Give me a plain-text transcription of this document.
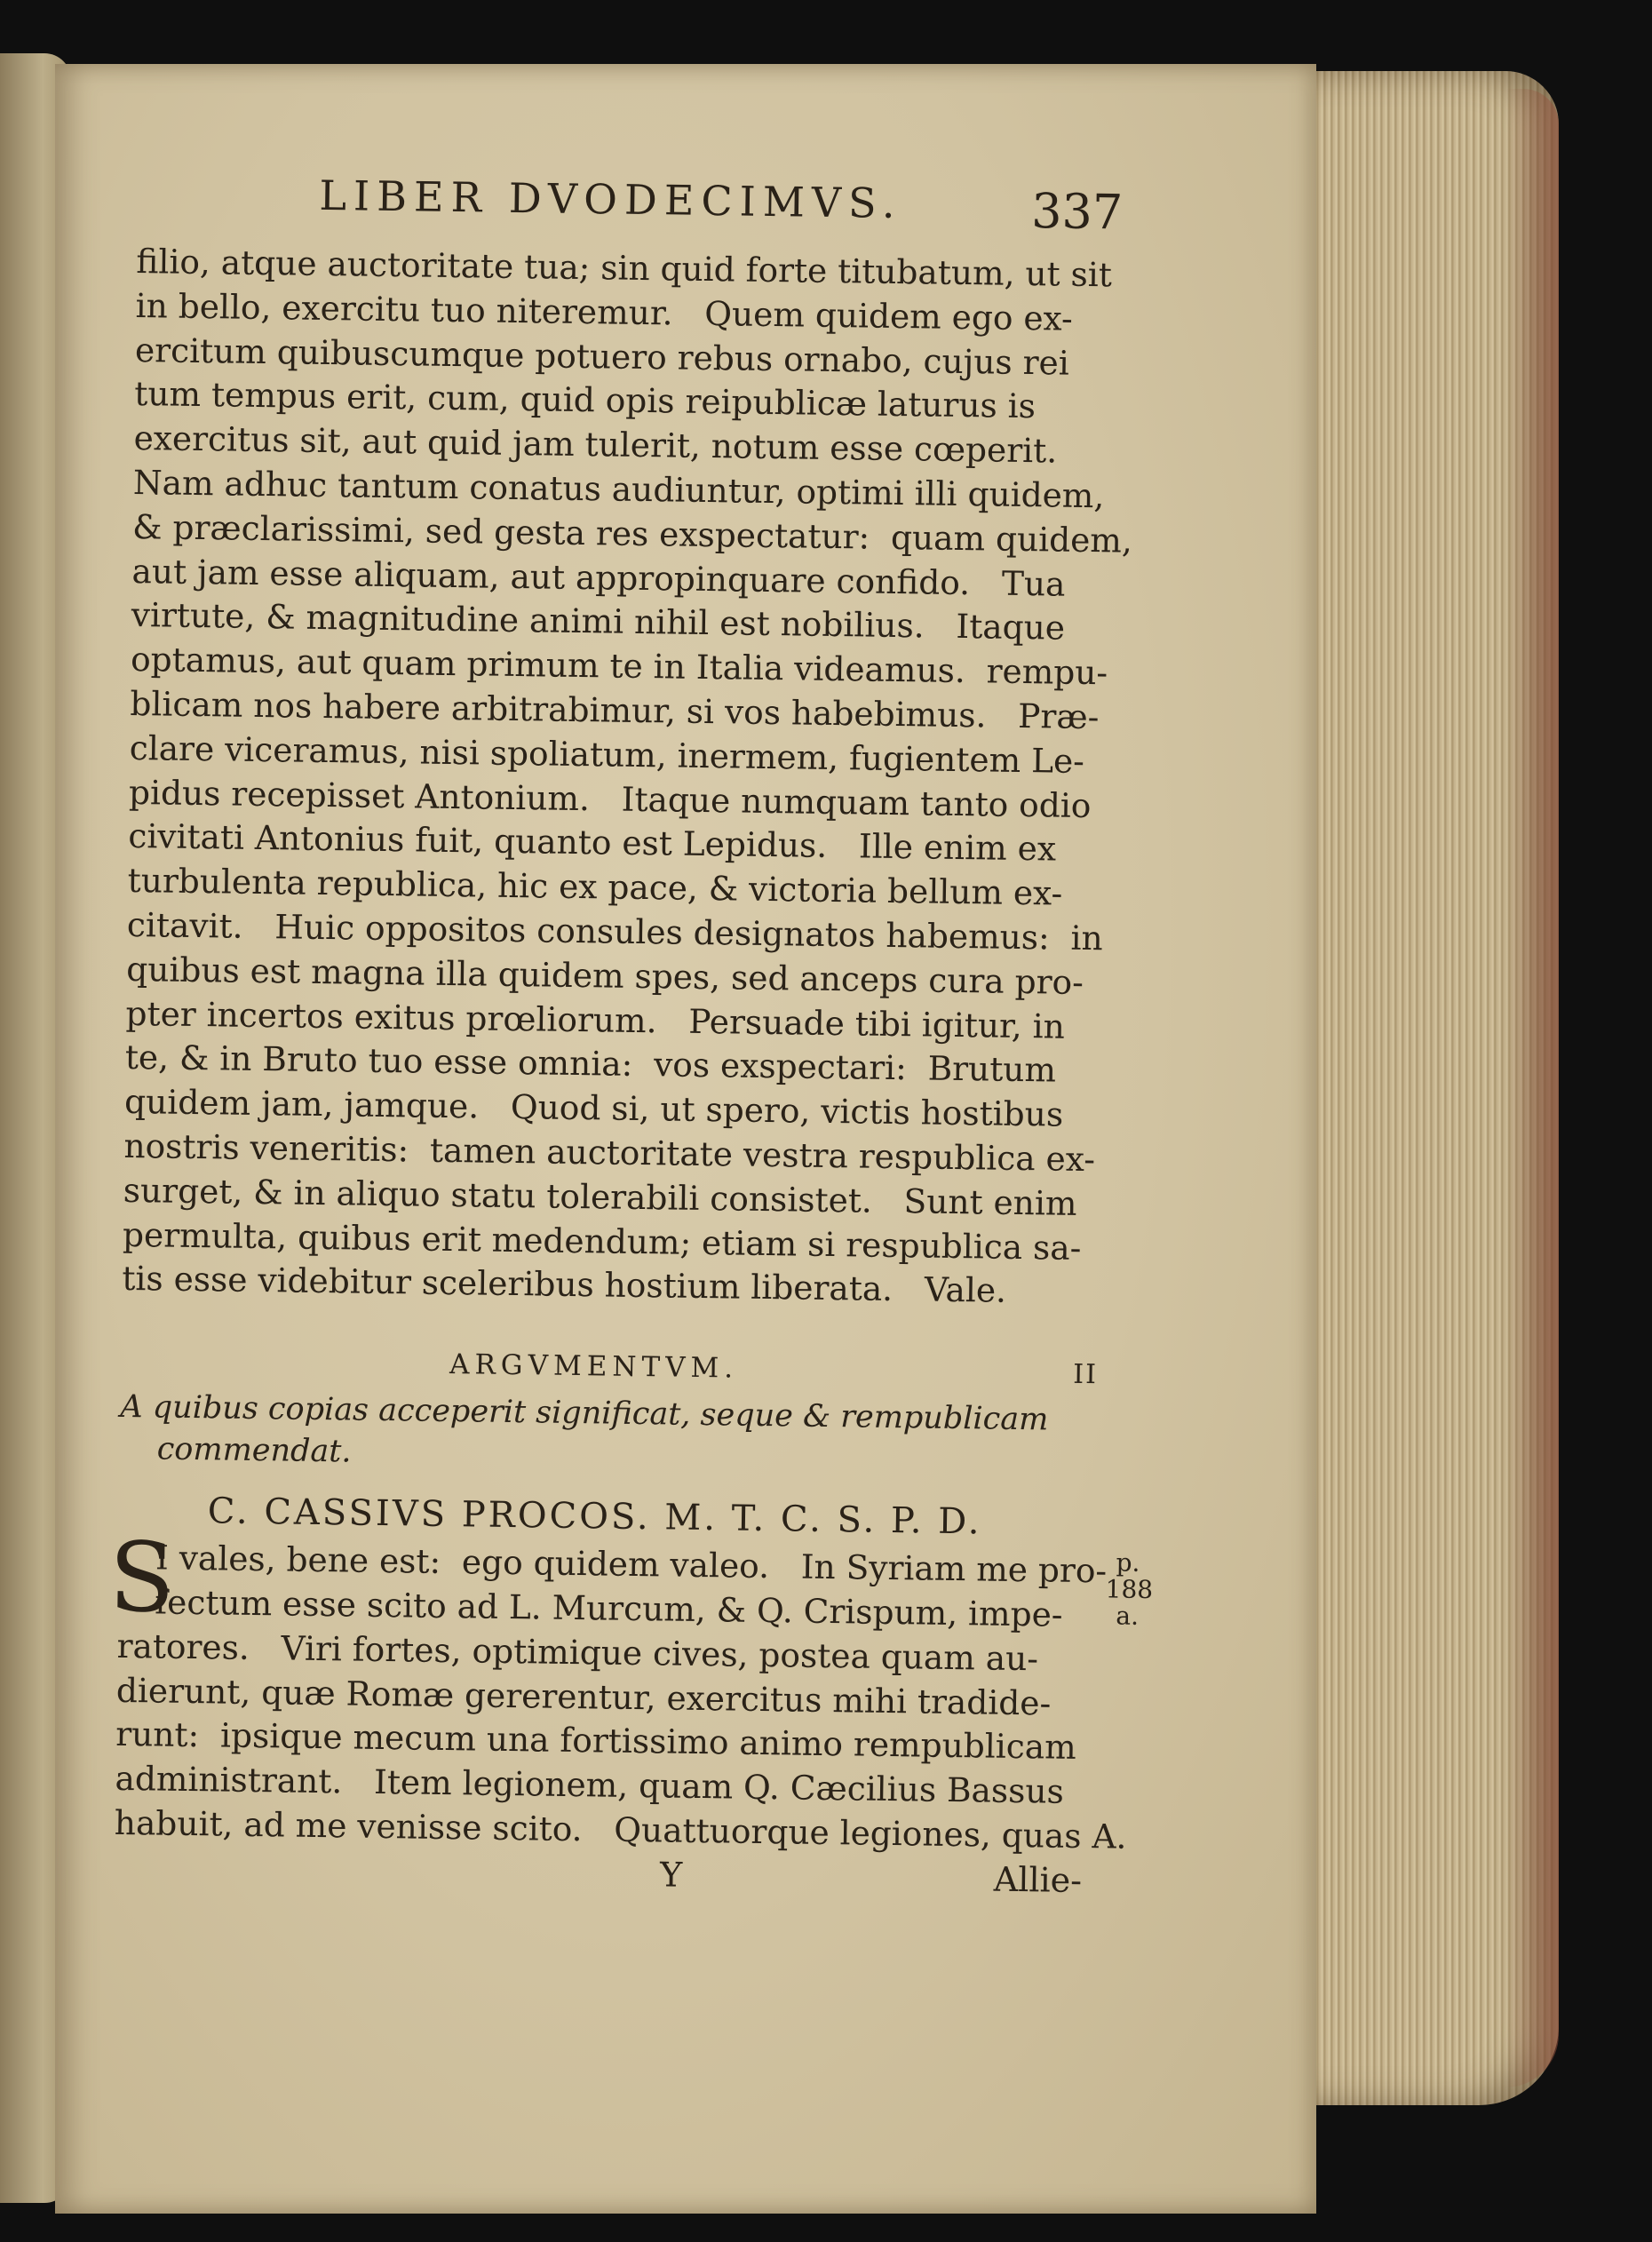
LIBER DVODECIMVS.	337
filio, atque auctoritate tua; sin quid forte titubatum, ut sit
in bello, exercitu tuo niteremur.   Quem quidem ego ex-
ercitum quibuscumque potuero rebus ornabo, cujus rei
tum tempus erit, cum, quid opis reipublicæ laturus is
exercitus sit, aut quid jam tulerit, notum esse cœperit.
Nam adhuc tantum conatus audiuntur, optimi illi quidem,
& præclarissimi, sed gesta res exspectatur:  quam quidem,
aut jam esse aliquam, aut appropinquare confido.   Tua
virtute, & magnitudine animi nihil est nobilius.   Itaque
optamus, aut quam primum te in Italia videamus.  rempu-
blicam nos habere arbitrabimur, si vos habebimus.   Præ-
clare viceramus, nisi spoliatum, inermem, fugientem Le-
pidus recepisset Antonium.   Itaque numquam tanto odio
civitati Antonius fuit, quanto est Lepidus.   Ille enim ex
turbulenta republica, hic ex pace, & victoria bellum ex-
citavit.   Huic oppositos consules designatos habemus:  in
quibus est magna illa quidem spes, sed anceps cura pro-
pter incertos exitus prœliorum.   Persuade tibi igitur, in
te, & in Bruto tuo esse omnia:  vos exspectari:  Brutum
quidem jam, jamque.   Quod si, ut spero, victis hostibus
nostris veneritis:  tamen auctoritate vestra respublica ex-
surget, & in aliquo statu tolerabili consistet.   Sunt enim
permulta, quibus erit medendum; etiam si respublica sa-
tis esse videbitur sceleribus hostium liberata.   Vale.
ARGVMENTVM.	II
A quibus copias acceperit significat, seque & rempublicam
commendat.
C. CASSIVS PROCOS. M. T. C. S. P. D.
S	p.
188
a.
I vales, bene est:  ego quidem valeo.   In Syriam me pro-
fectum esse scito ad L. Murcum, & Q. Crispum, impe-
ratores.   Viri fortes, optimique cives, postea quam au-
dierunt, quæ Romæ gererentur, exercitus mihi tradide-
runt:  ipsique mecum una fortissimo animo rempublicam
administrant.   Item legionem, quam Q. Cæcilius Bassus
habuit, ad me venisse scito.   Quattuorque legiones, quas A.
Y	Allie-
